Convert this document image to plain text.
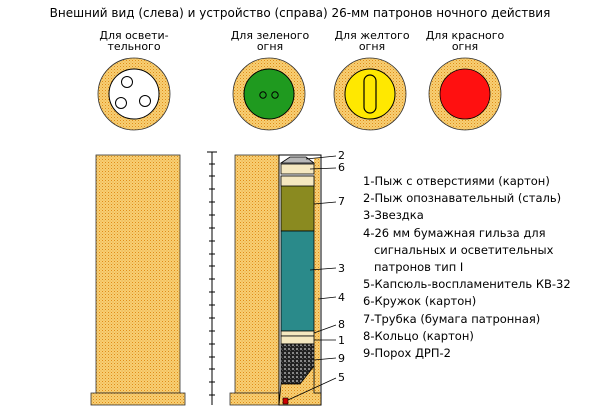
Внешний вид (слева) и устройство (справа) 26-мм патронов ночного действия
Для освети-
тельного
Для зеленого
огня
Для желтого
огня
Для красного
огня
2
6
7
3
4
8
1
9
5
1-Пыж с отверстиями (картон)
2-Пыж опознавательный (сталь)
3-Звездка
4-26 мм бумажная гильза для
сигнальных и осветительных
патронов тип I
5-Капсюль-воспламенитель КВ-32
6-Кружок (картон)
7-Трубка (бумага патронная)
8-Кольцо (картон)
9-Порох ДРП-2
